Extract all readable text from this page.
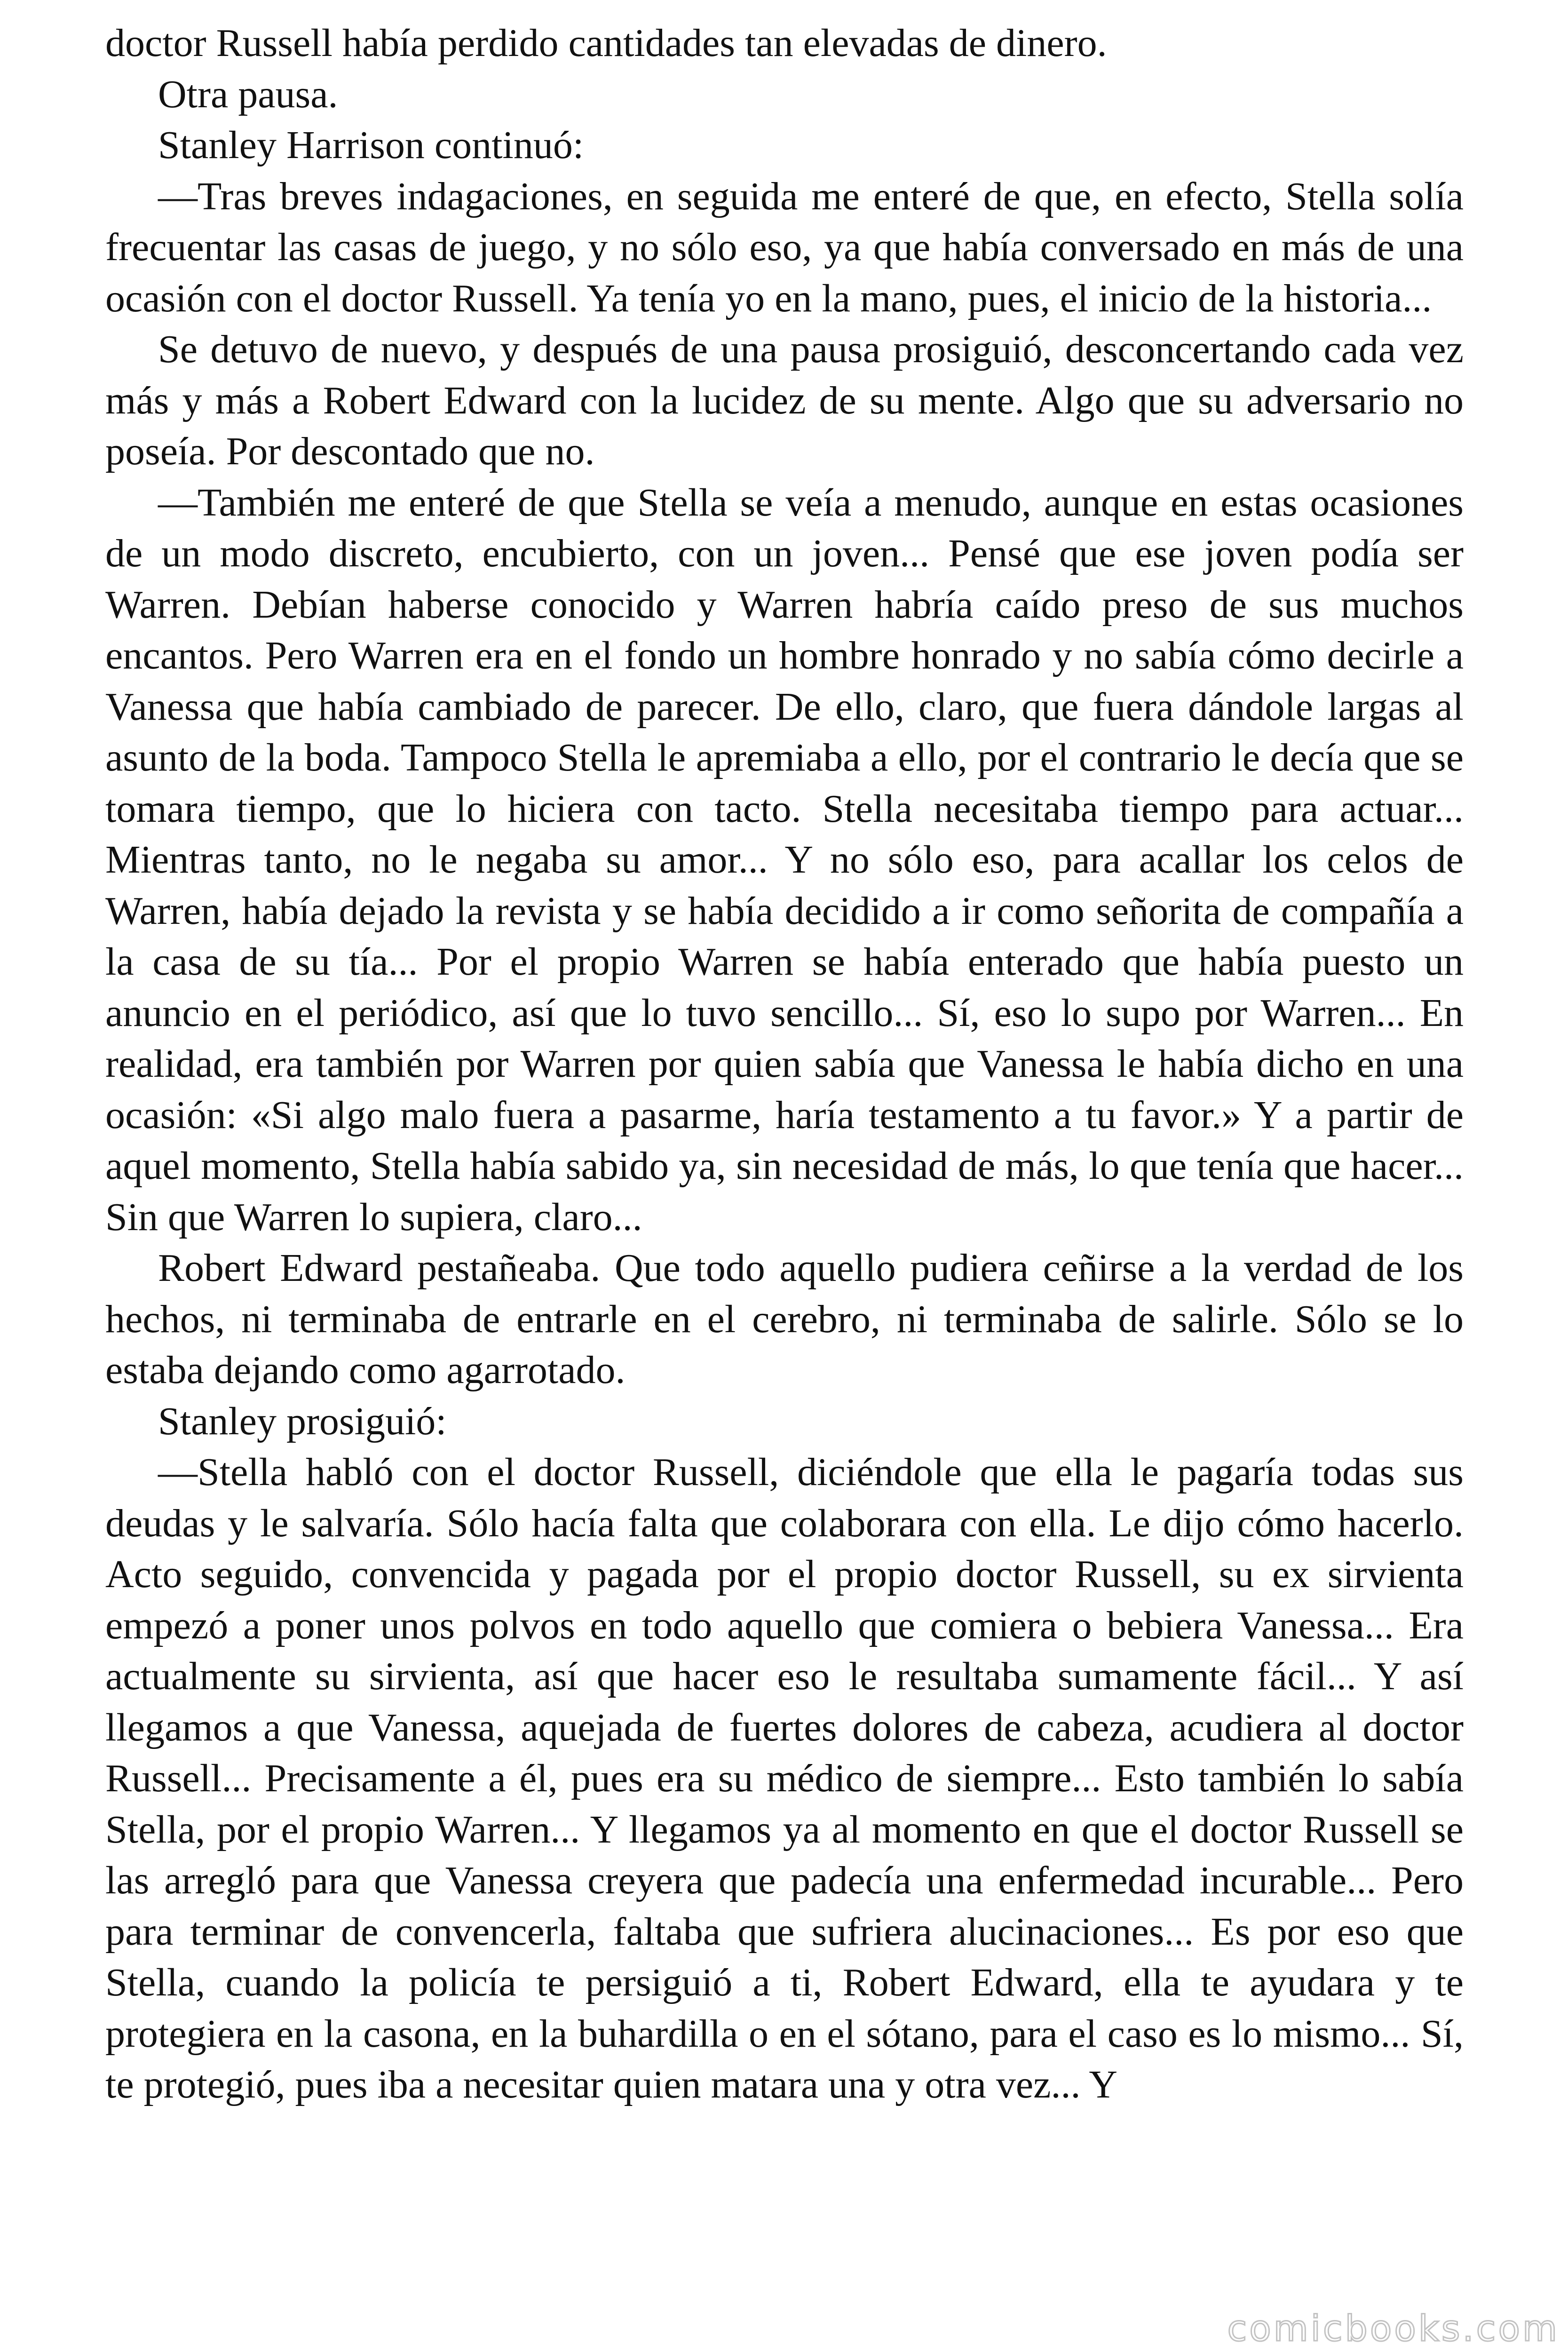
doctor Russell había perdido cantidades tan elevadas de dinero.

Otra pausa.

Stanley Harrison continuó:

—Tras breves indagaciones, en seguida me enteré de que, en efecto, Stella solía frecuentar las casas de juego, y no sólo eso, ya que había conversado en más de una ocasión con el doctor Russell. Ya tenía yo en la mano, pues, el inicio de la historia...

Se detuvo de nuevo, y después de una pausa prosiguió, desconcertando cada vez más y más a Robert Edward con la lucidez de su mente. Algo que su adversario no poseía. Por descontado que no.

—También me enteré de que Stella se veía a menudo, aunque en estas ocasiones de un modo discreto, encubierto, con un joven... Pensé que ese joven podía ser Warren. Debían haberse conocido y Warren habría caído preso de sus muchos encantos. Pero Warren era en el fondo un hombre honrado y no sabía cómo decirle a Vanessa que había cambiado de parecer. De ello, claro, que fuera dándole largas al asunto de la boda. Tampoco Stella le apremiaba a ello, por el contrario le decía que se tomara tiempo, que lo hiciera con tacto. Stella necesitaba tiempo para actuar... Mientras tanto, no le negaba su amor... Y no sólo eso, para acallar los celos de Warren, había dejado la revista y se había decidido a ir como señorita de compañía a la casa de su tía... Por el propio Warren se había enterado que había puesto un anuncio en el periódico, así que lo tuvo sencillo... Sí, eso lo supo por Warren... En realidad, era también por Warren por quien sabía que Vanessa le había dicho en una ocasión: «Si algo malo fuera a pasarme, haría testamento a tu favor.» Y a partir de aquel momento, Stella había sabido ya, sin necesidad de más, lo que tenía que hacer... Sin que Warren lo supiera, claro...

Robert Edward pestañeaba. Que todo aquello pudiera ceñirse a la verdad de los hechos, ni terminaba de entrarle en el cerebro, ni terminaba de salirle. Sólo se lo estaba dejando como agarrotado.

Stanley prosiguió:

—Stella habló con el doctor Russell, diciéndole que ella le pagaría todas sus deudas y le salvaría. Sólo hacía falta que colaborara con ella. Le dijo cómo hacerlo. Acto seguido, convencida y pagada por el propio doctor Russell, su ex sirvienta empezó a poner unos polvos en todo aquello que comiera o bebiera Vanessa... Era actualmente su sirvienta, así que hacer eso le resultaba sumamente fácil... Y así llegamos a que Vanessa, aquejada de fuertes dolores de cabeza, acudiera al doctor Russell... Precisamente a él, pues era su médico de siempre... Esto también lo sabía Stella, por el propio Warren... Y llegamos ya al momento en que el doctor Russell se las arregló para que Vanessa creyera que padecía una enfermedad incurable... Pero para terminar de convencerla, faltaba que sufriera alucinaciones... Es por eso que Stella, cuando la policía te persiguió a ti, Robert Edward, ella te ayudara y te protegiera en la casona, en la buhardilla o en el sótano, para el caso es lo mismo... Sí, te protegió, pues iba a necesitar quien matara una y otra vez... Y

comicbooks.com
